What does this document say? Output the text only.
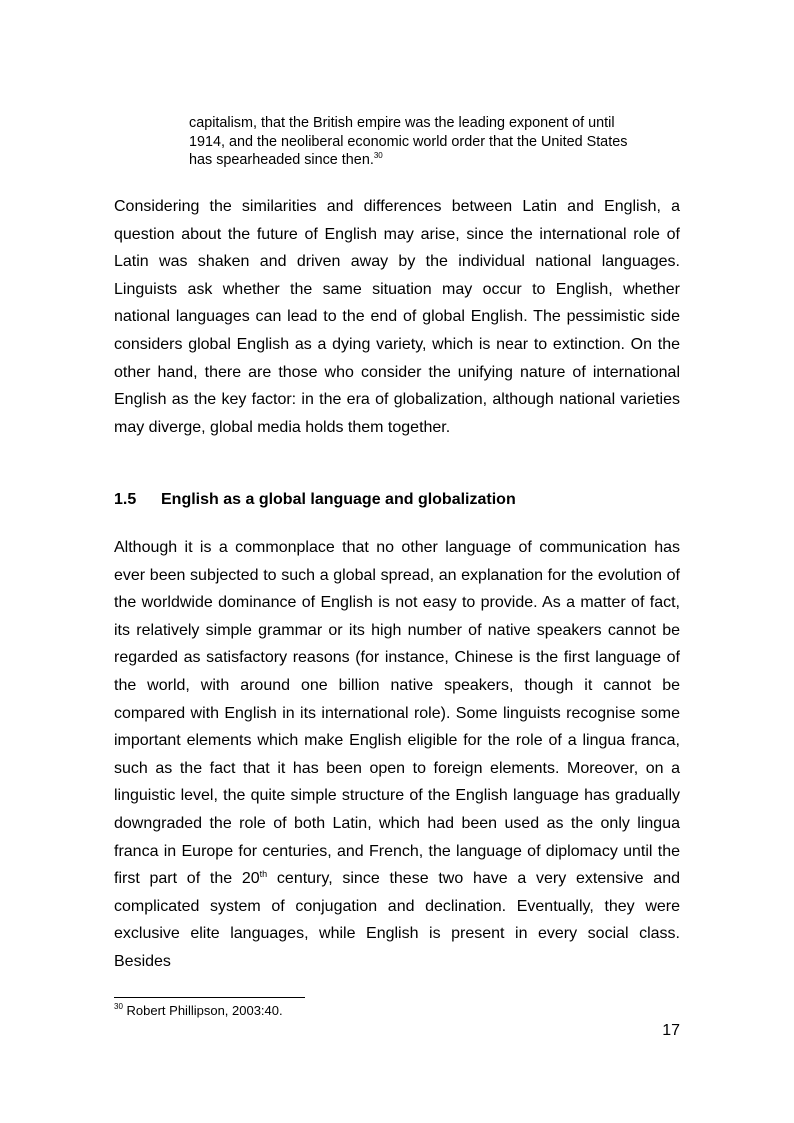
capitalism, that the British empire was the leading exponent of until
1914, and the neoliberal economic world order that the United States
has spearheaded since then.$^{30}$

Considering the similarities and differences between Latin and English, a question about the future of English may arise, since the international role of Latin was shaken and driven away by the individual national languages. Linguists ask whether the same situation may occur to English, whether national languages can lead to the end of global English. The pessimistic side considers global English as a dying variety, which is near to extinction. On the other hand, there are those who consider the unifying nature of international English as the key factor: in the era of globalization, although national varieties may diverge, global media holds them together.

1.5 English as a global language and globalization

Although it is a commonplace that no other language of communication has ever been subjected to such a global spread, an explanation for the evolution of the worldwide dominance of English is not easy to provide. As a matter of fact, its relatively simple grammar or its high number of native speakers cannot be regarded as satisfactory reasons (for instance, Chinese is the first language of the world, with around one billion native speakers, though it cannot be compared with English in its international role). Some linguists recognise some important elements which make English eligible for the role of a lingua franca, such as the fact that it has been open to foreign elements. Moreover, on a linguistic level, the quite simple structure of the English language has gradually downgraded the role of both Latin, which had been used as the only lingua franca in Europe for centuries, and French, the language of diplomacy until the first part of the 20th century, since these two have a very extensive and complicated system of conjugation and declination. Eventually, they were exclusive elite languages, while English is present in every social class. Besides

$^{30}$ Robert Phillipson, 2003:40.

17
